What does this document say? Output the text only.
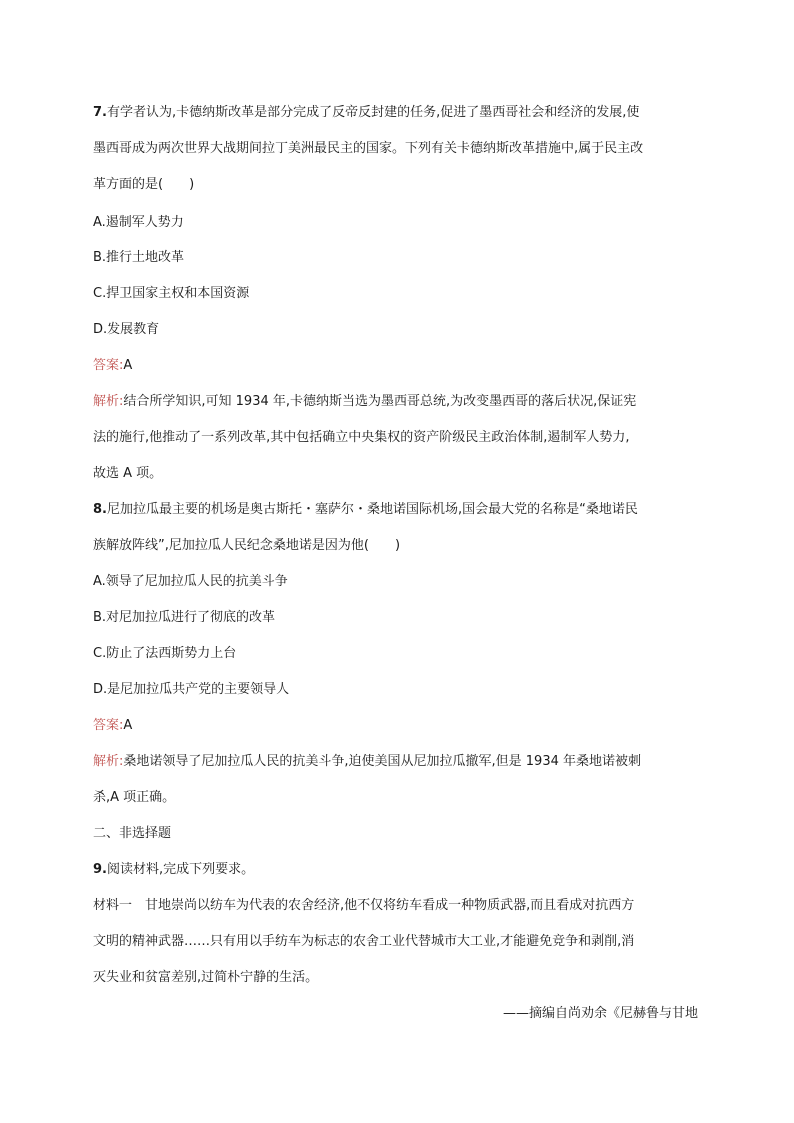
7.有学者认为,卡德纳斯改革是部分完成了反帝反封建的任务,促进了墨西哥社会和经济的发展,使

墨西哥成为两次世界大战期间拉丁美洲最民主的国家。下列有关卡德纳斯改革措施中,属于民主改

革方面的是(　　)

A.遏制军人势力

B.推行土地改革

C.捍卫国家主权和本国资源

D.发展教育

答案:A

解析:结合所学知识,可知 1934 年,卡德纳斯当选为墨西哥总统,为改变墨西哥的落后状况,保证宪

法的施行,他推动了一系列改革,其中包括确立中央集权的资产阶级民主政治体制,遏制军人势力,

故选 A 项。

8.尼加拉瓜最主要的机场是奥古斯托・塞萨尔・桑地诺国际机场,国会最大党的名称是“桑地诺民

族解放阵线”,尼加拉瓜人民纪念桑地诺是因为他(　　)

A.领导了尼加拉瓜人民的抗美斗争

B.对尼加拉瓜进行了彻底的改革

C.防止了法西斯势力上台

D.是尼加拉瓜共产党的主要领导人

答案:A

解析:桑地诺领导了尼加拉瓜人民的抗美斗争,迫使美国从尼加拉瓜撤军,但是 1934 年桑地诺被刺

杀,A 项正确。

二、非选择题

9.阅读材料,完成下列要求。

材料一　甘地崇尚以纺车为代表的农舍经济,他不仅将纺车看成一种物质武器,而且看成对抗西方

文明的精神武器……只有用以手纺车为标志的农舍工业代替城市大工业,才能避免竞争和剥削,消

灭失业和贫富差别,过简朴宁静的生活。

——摘编自尚劝余《尼赫鲁与甘地
